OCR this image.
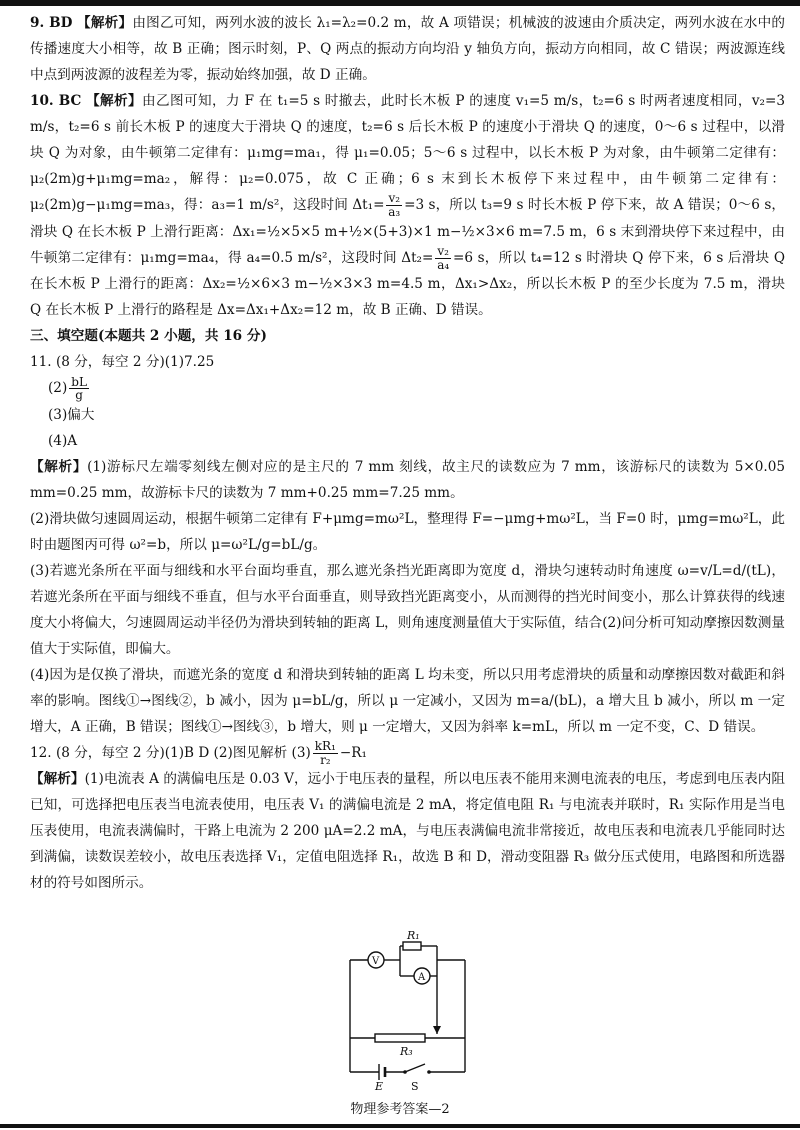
9. BD 【解析】由图乙可知，两列水波的波长 λ₁=λ₂=0.2 m，故 A 项错误；机械波的波速由介质决定，两列水波在水中的传播速度大小相等，故 B 正确；图示时刻，P、Q 两点的振动方向均沿 y 轴负方向，振动方向相同，故 C 错误；两波源连线中点到两波源的波程差为零，振动始终加强，故 D 正确。

10. BC 【解析】由乙图可知，力 F 在 t₁=5 s 时撤去，此时长木板 P 的速度 v₁=5 m/s，t₂=6 s 时两者速度相同，v₂=3 m/s，t₂=6 s 前长木板 P 的速度大于滑块 Q 的速度，t₂=6 s 后长木板 P 的速度小于滑块 Q 的速度，0～6 s 过程中，以滑块 Q 为对象，由牛顿第二定律有：μ₁mg=ma₁，得 μ₁=0.05；5～6 s 过程中，以长木板 P 为对象，由牛顿第二定律有：μ₂(2m)g+μ₁mg=ma₂，解得：μ₂=0.075，故 C 正确；6 s 末到长木板停下来过程中，由牛顿第二定律有：μ₂(2m)g−μ₁mg=ma₃，得：a₃=1 m/s²，这段时间 $\Delta t_1= \frac{\text{v₂}}{\text{a₃}} =3$ s，所以 t₃=9 s 时长木板 P 停下来，故 A 错误；0～6 s，滑块 Q 在长木板 P 上滑行距离：Δx₁=½×5×5 m+½×(5+3)×1 m−½×3×6 m=7.5 m，6 s 末到滑块停下来过程中，由牛顿第二定律有：μ₁mg=ma₄，得 a₄=0.5 m/s²，这段时间 $\Delta t_2= \frac{\text{v₂}}{\text{a₄}} =6$ s，所以 t₄=12 s 时滑块 Q 停下来，6 s 后滑块 Q 在长木板 P 上滑行的距离：Δx₂=½×6×3 m−½×3×3 m=4.5 m，Δx₁>Δx₂，所以长木板 P 的至少长度为 7.5 m，滑块 Q 在长木板 P 上滑行的路程是 Δx=Δx₁+Δx₂=12 m，故 B 正确、D 错误。

三、填空题(本题共 2 小题，共 16 分)

11. (8 分，每空 2 分)(1)7.25

$(2) \frac{bL}{g}$

(3)偏大

(4)A

【解析】(1)游标尺左端零刻线左侧对应的是主尺的 7 mm 刻线，故主尺的读数应为 7 mm，该游标尺的读数为 5×0.05 mm=0.25 mm，故游标卡尺的读数为 7 mm+0.25 mm=7.25 mm。

(2)滑块做匀速圆周运动，根据牛顿第二定律有 F+μmg=mω²L，整理得 F=−μmg+mω²L，当 F=0 时，μmg=mω²L，此时由题图丙可得 ω²=b，所以 μ=ω²L/g=bL/g。

(3)若遮光条所在平面与细线和水平台面均垂直，那么遮光条挡光距离即为宽度 d，滑块匀速转动时角速度 ω=v/L=d/(tL)，若遮光条所在平面与细线不垂直，但与水平台面垂直，则导致挡光距离变小，从而测得的挡光时间变小，那么计算获得的线速度大小将偏大，匀速圆周运动半径仍为滑块到转轴的距离 L，则角速度测量值大于实际值，结合(2)问分析可知动摩擦因数测量值大于实际值，即偏大。

(4)因为是仅换了滑块，而遮光条的宽度 d 和滑块到转轴的距离 L 均未变，所以只用考虑滑块的质量和动摩擦因数对截距和斜率的影响。图线①→图线②，b 减小，因为 μ=bL/g，所以 μ 一定减小，又因为 m=a/(bL)，a 增大且 b 减小，所以 m 一定增大，A 正确，B 错误；图线①→图线③，b 增大，则 μ 一定增大，又因为斜率 k=mL，所以 m 一定不变，C、D 错误。

12. (8 分，每空 2 分)(1)B D (2)图见解析 $(3) \frac{\text{kR₁}}{\text{r₂}} -R_1$

【解析】(1)电流表 A 的满偏电压是 0.03 V，远小于电压表的量程，所以电压表不能用来测电流表的电压，考虑到电压表内阻已知，可选择把电压表当电流表使用，电压表 V₁ 的满偏电流是 2 mA，将定值电阻 R₁ 与电流表并联时，R₁ 实际作用是当电压表使用，电流表满偏时，干路上电流为 2 200 μA=2.2 mA，与电压表满偏电流非常接近，故电压表和电流表几乎能同时达到满偏，读数误差较小，故电压表选择 V₁，定值电阻选择 R₁，故选 B 和 D，滑动变阻器 R₃ 做分压式使用，电路图和所选器材的符号如图所示。

R₁
V
A
R₃
E	S
物理参考答案—2
